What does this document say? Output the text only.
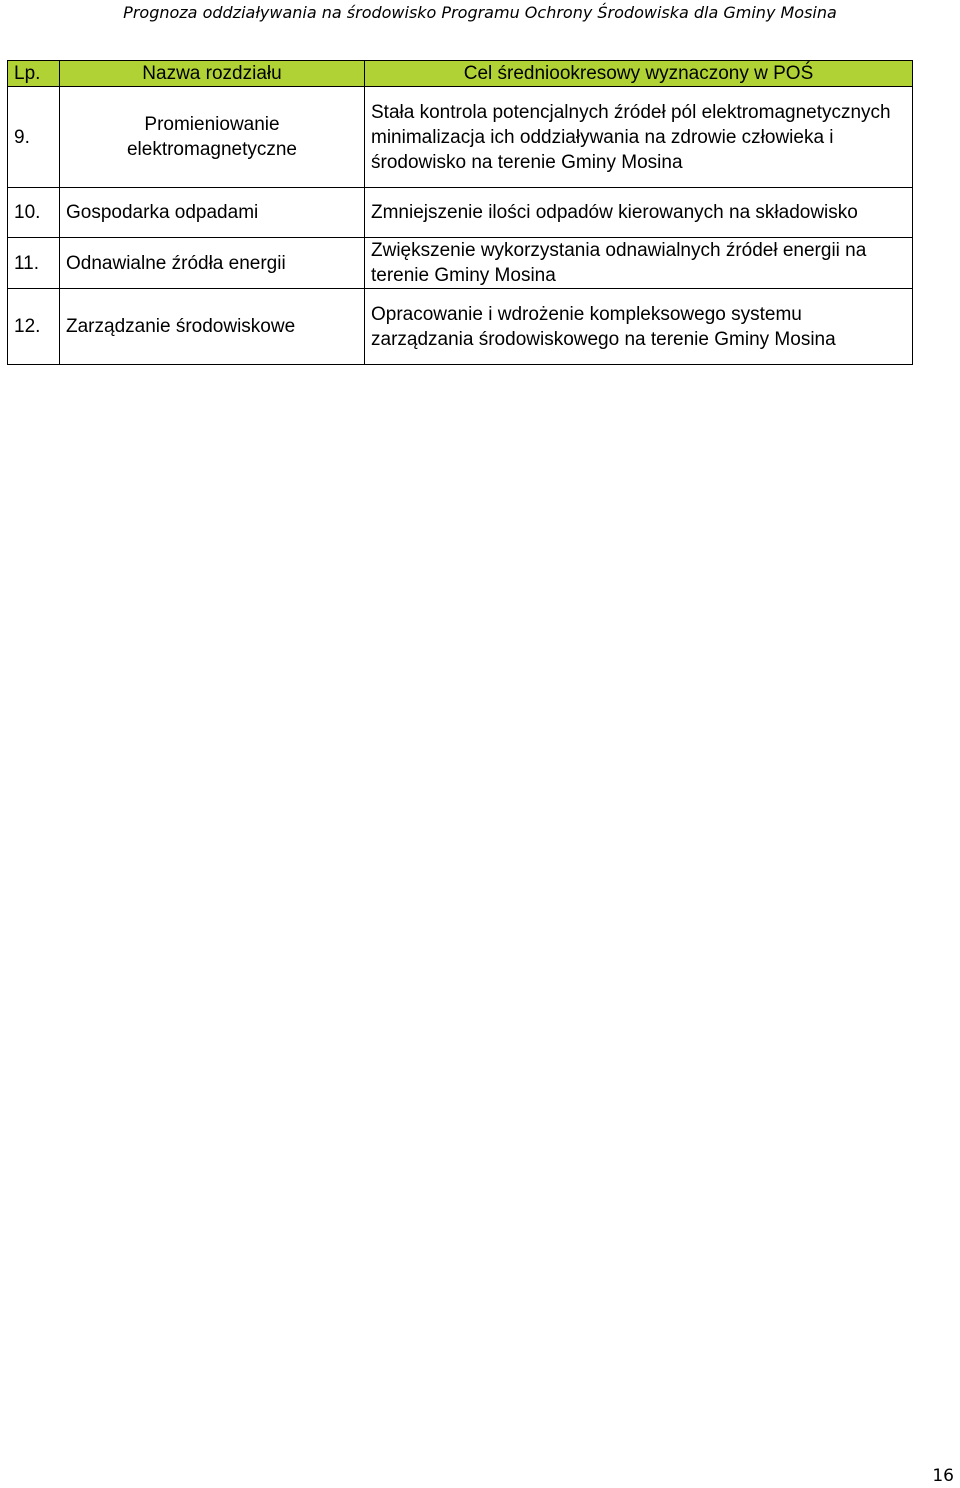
Prognoza oddziaływania na środowisko Programu Ochrony Środowiska dla Gminy Mosina
Lp.	Nazwa rozdziału	Cel średniookresowy wyznaczony w POŚ
9.	Promieniowanie elektromagnetyczne	Stała kontrola potencjalnych źródeł pól elektromagnetycznych minimalizacja ich oddziaływania na zdrowie człowieka i środowisko na terenie Gminy Mosina
10.	Gospodarka odpadami	Zmniejszenie ilości odpadów kierowanych na składowisko
11.	Odnawialne źródła energii	Zwiększenie wykorzystania odnawialnych źródeł energii na terenie Gminy Mosina
12.	Zarządzanie środowiskowe	Opracowanie i wdrożenie kompleksowego systemu zarządzania środowiskowego na terenie Gminy Mosina
16
